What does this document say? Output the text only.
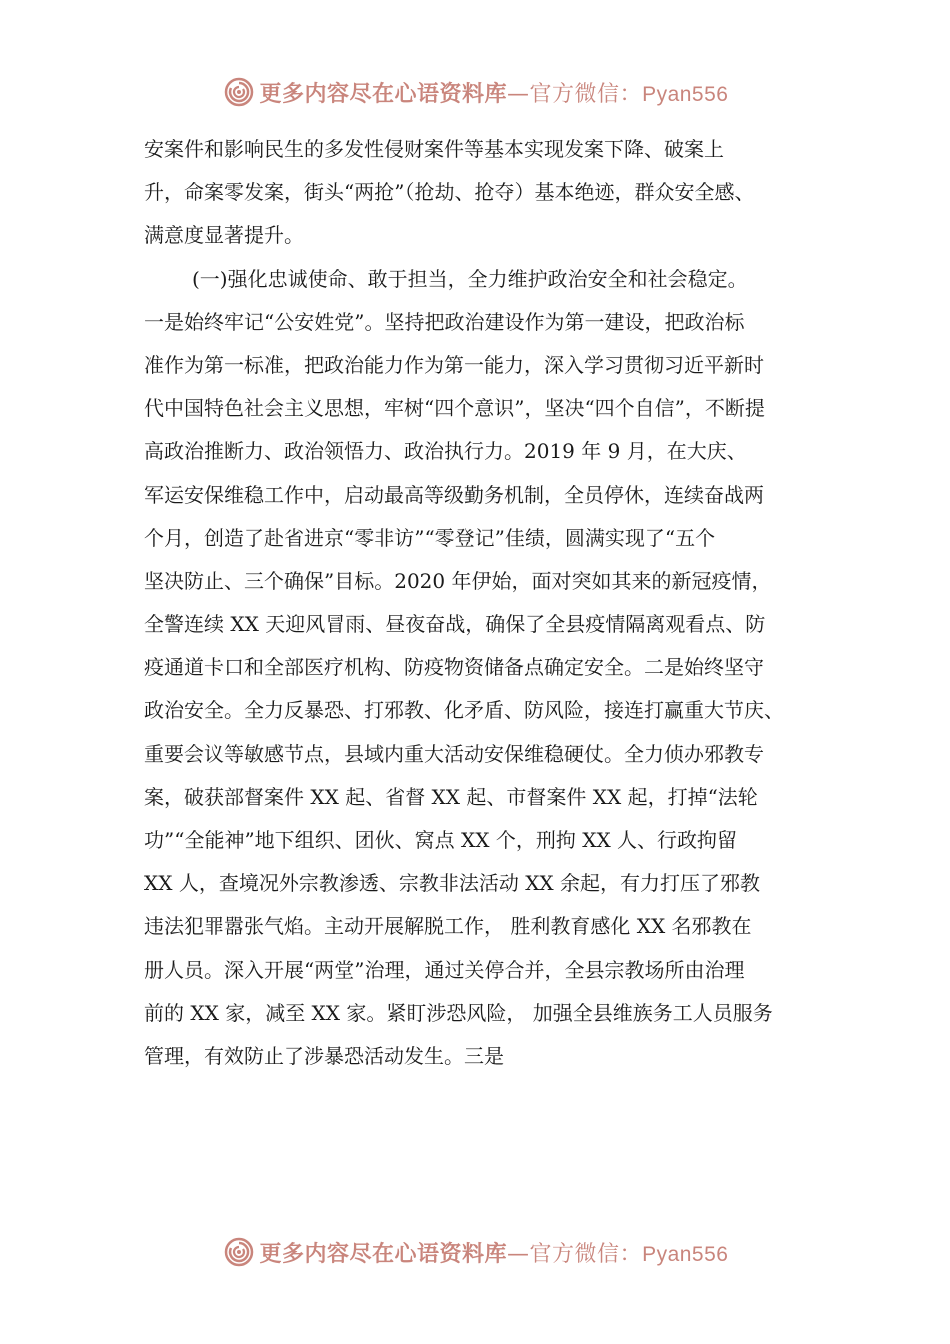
更多内容尽在心语资料库—官方微信：Pyan556
安案件和影响民生的多发性侵财案件等基本实现发案下降、破案上
升，命案零发案，街头“两抢”（抢劫、抢夺）基本绝迹，群众安全感、
满意度显著提升。
(一)强化忠诚使命、敢于担当，全力维护政治安全和社会稳定。
一是始终牢记“公安姓党”。坚持把政治建设作为第一建设，把政治标
准作为第一标准，把政治能力作为第一能力，深入学习贯彻习近平新时
代中国特色社会主义思想，牢树“四个意识”，坚决“四个自信”，不断提
高政治推断力、政治领悟力、政治执行力。2019 年 9 月，在大庆、
军运安保维稳工作中，启动最高等级勤务机制，全员停休，连续奋战两
个月，创造了赴省进京“零非访”“零登记”佳绩，圆满实现了“五个
坚决防止、三个确保”目标。2020 年伊始，面对突如其来的新冠疫情，
全警连续 XX 天迎风冒雨、昼夜奋战，确保了全县疫情隔离观看点、防
疫通道卡口和全部医疗机构、防疫物资储备点确定安全。二是始终坚守
政治安全。全力反暴恐、打邪教、化矛盾、防风险，接连打赢重大节庆、
重要会议等敏感节点，县域内重大活动安保维稳硬仗。全力侦办邪教专
案，破获部督案件 XX 起、省督 XX 起、市督案件 XX 起，打掉“法轮
功”“全能神”地下组织、团伙、窝点 XX 个，刑拘 XX 人、行政拘留
XX 人，查境况外宗教渗透、宗教非法活动 XX 余起，有力打压了邪教
违法犯罪嚣张气焰。主动开展解脱工作， 胜利教育感化 XX 名邪教在
册人员。深入开展“两堂”治理，通过关停合并，全县宗教场所由治理
前的 XX 家，减至 XX 家。紧盯涉恐风险， 加强全县维族务工人员服务
管理，有效防止了涉暴恐活动发生。三是
更多内容尽在心语资料库—官方微信：Pyan556
